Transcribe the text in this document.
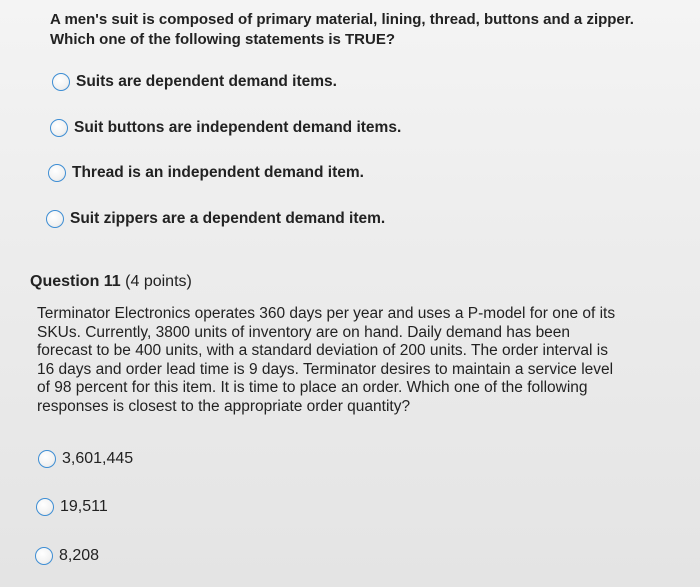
A men's suit is composed of primary material, lining, thread, buttons and a zipper.
Which one of the following statements is TRUE?
Suits are dependent demand items.
Suit buttons are independent demand items.
Thread is an independent demand item.
Suit zippers are a dependent demand item.
Question 11 (4 points)
Terminator Electronics operates 360 days per year and uses a P-model for one of its
SKUs. Currently, 3800 units of inventory are on hand. Daily demand has been
forecast to be 400 units, with a standard deviation of 200 units. The order interval is
16 days and order lead time is 9 days. Terminator desires to maintain a service level
of 98 percent for this item. It is time to place an order. Which one of the following
responses is closest to the appropriate order quantity?
3,601,445
19,511
8,208
